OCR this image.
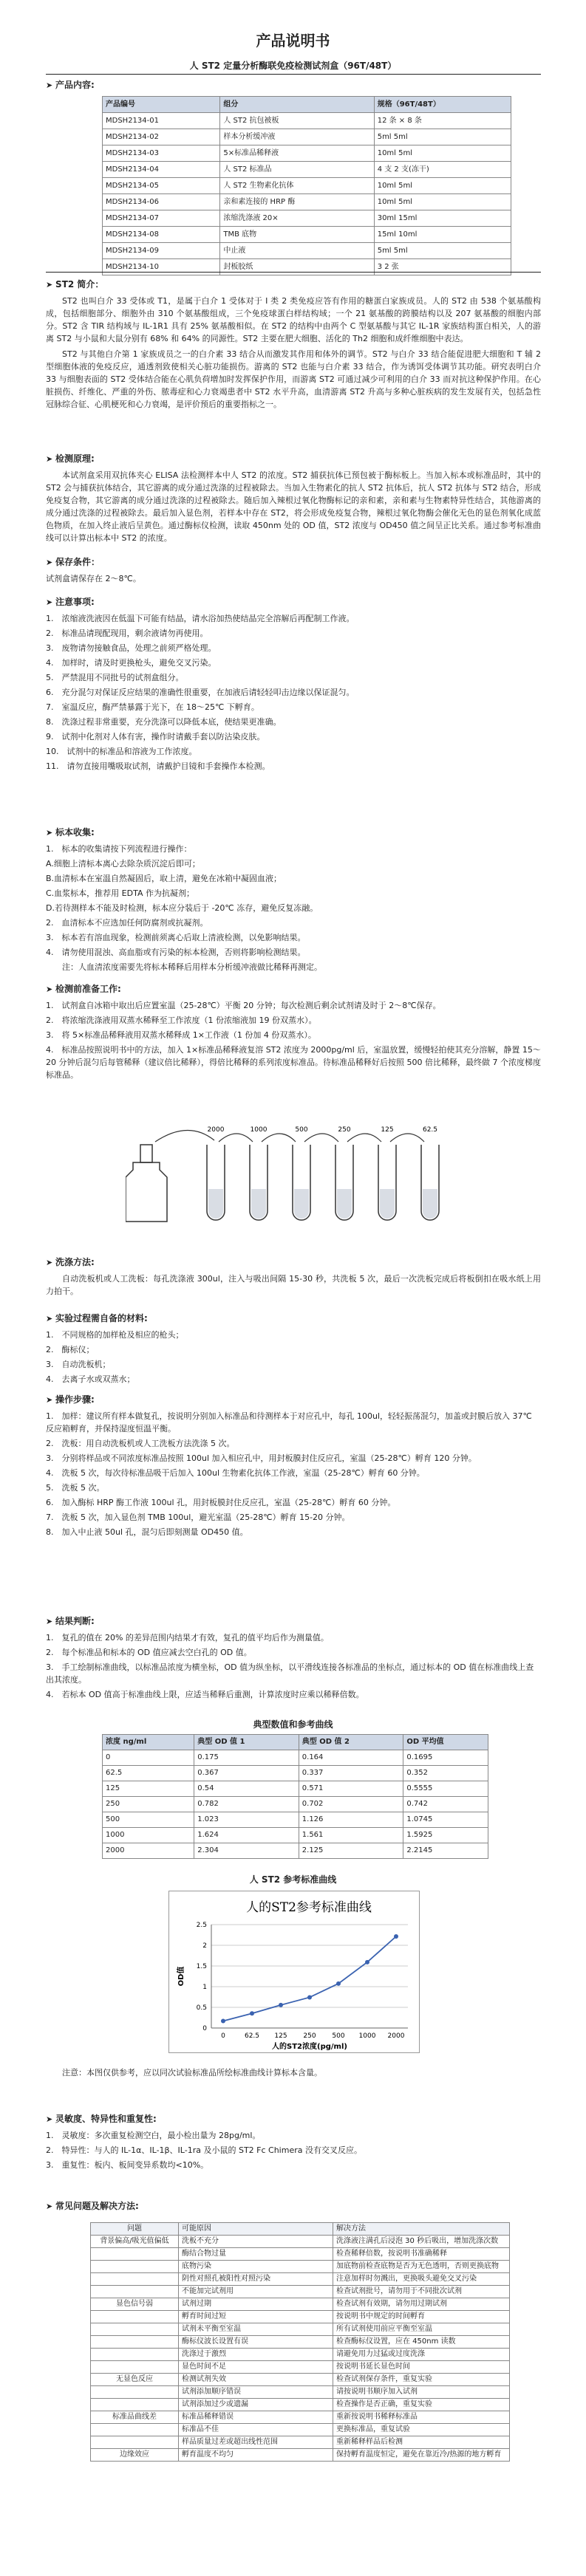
产品说明书
人 ST2 定量分析酶联免疫检测试剂盒（96T/48T）
➤ 产品内容:
产品编号	组分	规格（96T/48T）
MDSH2134-01	人 ST2 抗包被板	12 条 × 8 条
MDSH2134-02	样本分析缓冲液	5ml 5ml
MDSH2134-03	5×标准品稀释液	10ml 5ml
MDSH2134-04	人 ST2 标准品	4 支 2 支(冻干)
MDSH2134-05	人 ST2 生物素化抗体	10ml 5ml
MDSH2134-06	亲和素连接的 HRP 酶	10ml 5ml
MDSH2134-07	浓缩洗涤液 20×	30ml 15ml
MDSH2134-08	TMB 底物	15ml 10ml
MDSH2134-09	中止液	5ml 5ml
MDSH2134-10	封板胶纸	3 2 张
➤ ST2 简介：

ST2 也叫白介 33 受体或 T1，是属于白介 1 受体对于 I 类 2 类免疫应答有作用的糖蛋白家族成员。人的 ST2 由 538 个氨基酸构成，包括细胞部分、细胞外由 310 个氨基酸组成，三个免疫球蛋白样结构域；一个 21 氨基酸的跨膜结构以及 207 氨基酸的细胞内部分。ST2 含 TIR 结构域与 IL-1R1 具有 25% 氨基酸相似。在 ST2 的结构中由两个 C 型氨基酸与其它 IL-1R 家族结构蛋白相关，人的游离 ST2 与小鼠和大鼠分别有 68% 和 64% 的同源性。ST2 主要在肥大细胞、活化的 Th2 细胞和成纤维细胞中表达。

ST2 与其他白介第 1 家族成员之一的白介素 33 结合从而激发其作用和体外的调节。ST2 与白介 33 结合能促进肥大细胞和 T 辅 2 型细胞体液的免疫反应，通透剂致使相关心脏功能损伤。游离的 ST2 也能与白介素 33 结合，作为诱饵受体调节其功能。研究表明白介 33 与细胞表面的 ST2 受体结合能在心肌负荷增加时发挥保护作用，而游离 ST2 可通过减少可利用的白介 33 而对抗这种保护作用。在心脏损伤、纤维化、严重的外伤、脓毒症和心力衰竭患者中 ST2 水平升高，血清游离 ST2 升高与多种心脏疾病的发生发展有关，包括急性冠脉综合征、心肌梗死和心力衰竭，是评价预后的重要指标之一。

➤ 检测原理:

本试剂盒采用双抗体夹心 ELISA 法检测样本中人 ST2 的浓度。ST2 捕获抗体已预包被于酶标板上。当加入标本或标准品时，其中的 ST2 会与捕获抗体结合，其它游离的成分通过洗涤的过程被除去。当加入生物素化的抗人 ST2 抗体后，抗人 ST2 抗体与 ST2 结合，形成免疫复合物，其它游离的成分通过洗涤的过程被除去。随后加入辣根过氧化物酶标记的亲和素，亲和素与生物素特异性结合，其他游离的成分通过洗涤的过程被除去。最后加入显色剂，若样本中存在 ST2，将会形成免疫复合物，辣根过氧化物酶会催化无色的显色剂氧化成蓝色物质，在加入终止液后呈黄色。通过酶标仪检测，读取 450nm 处的 OD 值，ST2 浓度与 OD450 值之间呈正比关系。通过参考标准曲线可以计算出标本中 ST2 的浓度。

➤ 保存条件：

试剂盒请保存在 2～8℃。

➤ 注意事项:
1.　浓缩液洗液因在低温下可能有结晶，请水浴加热使结晶完全溶解后再配制工作液。
2.　标准品请现配现用，剩余液请勿再使用。
3.　废物请勿接触食品，处理之前须严格处理。
4.　加样时，请及时更换枪头，避免交叉污染。
5.　严禁混用不同批号的试剂盒组分。
6.　充分混匀对保证反应结果的准确性很重要，在加液后请轻轻叩击边缘以保证混匀。
7.　室温反应，酶严禁暴露于光下，在 18～25℃ 下孵育。
8.　洗涤过程非常重要，充分洗涤可以降低本底，使结果更准确。
9.　试剂中化剂对人体有害，操作时请戴手套以防沾染皮肤。
10.　试剂中的标准品和溶液为工作浓度。
11.　请勿直接用嘴吸取试剂，请戴护目镜和手套操作本检测。
➤ 标本收集:
1.　标本的收集请按下列流程进行操作：
A.细胞上清标本离心去除杂质沉淀后即可；
B.血清标本在室温自然凝固后，取上清，避免在冰箱中凝固血液；
C.血浆标本，推荐用 EDTA 作为抗凝剂；
D.若待测样本不能及时检测，标本应分装后于 -20℃ 冻存，避免反复冻融。
2.　血清标本不应选加任何防腐剂或抗凝剂。
3.　标本若有溶血现象，检测前须离心后取上清液检测，以免影响结果。
4.　请勿使用混浊、高血脂或有污染的标本检测，否则将影响检测结果。
　　注：人血清浓度需要先将标本稀释后用样本分析缓冲液做比稀释再测定。
➤ 检测前准备工作:
1.　试剂盒自冰箱中取出后应置室温（25-28℃）平衡 20 分钟；每次检测后剩余试剂请及时于 2～8℃保存。
2.　将浓缩洗涤液用双蒸水稀释至工作浓度（1 份浓缩液加 19 份双蒸水）。
3.　将 5×标准品稀释液用双蒸水稀释成 1×工作液（1 份加 4 份双蒸水）。
4.　标准品按照说明书中的方法，加入 1×标准品稀释液复溶 ST2 浓度为 2000pg/ml 后，室温放置，缓慢轻拍使其充分溶解，静置 15～20 分钟后混匀后每管稀释（建议倍比稀释），得倍比稀释的系列浓度标准品。待标准品稀释好后按照 500 倍比稀释，最终做 7 个浓度梯度标准品。
2000	1000	500	250	125	62.5
➤ 洗涤方法:

自动洗板机或人工洗板：每孔洗涤液 300ul，注入与吸出间隔 15-30 秒，共洗板 5 次，最后一次洗板完成后将板倒扣在吸水纸上用力拍干。

➤ 实验过程需自备的材料:
1.　不同规格的加样枪及相应的枪头；
2.　酶标仪；
3.　自动洗板机；
4.　去离子水或双蒸水；
➤ 操作步骤:
1.　加样：建议所有样本做复孔，按说明分别加入标准品和待测样本于对应孔中，每孔 100ul，轻轻振荡混匀，加盖或封膜后放入 37℃ 反应箱孵育，并保持湿度恒温平衡。
2.　洗板：用自动洗板机或人工洗板方法洗涤 5 次。
3.　分别将样品或不同浓度标准品按照 100ul 加入相应孔中，用封板膜封住反应孔，室温（25-28℃）孵育 120 分钟。
4.　洗板 5 次，每次待标准品吸干后加入 100ul 生物素化抗体工作液，室温（25-28℃）孵育 60 分钟。
5.　洗板 5 次。
6.　加入酶标 HRP 酶工作液 100ul 孔，用封板膜封住反应孔，室温（25-28℃）孵育 60 分钟。
7.　洗板 5 次，加入显色剂 TMB 100ul，避光室温（25-28℃）孵育 15-20 分钟。
8.　加入中止液 50ul 孔，混匀后即刻测量 OD450 值。
➤ 结果判断:
1.　复孔的值在 20% 的差异范围内结果才有效，复孔的值平均后作为测量值。
2.　每个标准品和标本的 OD 值应减去空白孔的 OD 值。
3.　手工绘制标准曲线，以标准品浓度为横坐标，OD 值为纵坐标，以平滑线连接各标准品的坐标点，通过标本的 OD 值在标准曲线上查出其浓度。
4.　若标本 OD 值高于标准曲线上限，应适当稀释后重测，计算浓度时应乘以稀释倍数。
典型数值和参考曲线
浓度 ng/ml	典型 OD 值 1	典型 OD 值 2	OD 平均值
0	0.175	0.164	0.1695
62.5	0.367	0.337	0.352
125	0.54	0.571	0.5555
250	0.782	0.702	0.742
500	1.023	1.126	1.0745
1000	1.624	1.561	1.5925
2000	2.304	2.125	2.2145
人 ST2 参考标准曲线
人的ST2参考标准曲线
0
0.5
1
1.5
2
2.5
0	62.5 125 250 500 1000 2000
人的ST2浓度(pg/ml)
OD值

注意：本图仅供参考，应以同次试验标准品所绘标准曲线计算标本含量。

➤ 灵敏度、特异性和重复性:
1.　灵敏度：多次重复检测空白，最小检出量为 28pg/ml。
2.　特异性：与人的 IL-1α、IL-1β、IL-1ra 及小鼠的 ST2 Fc Chimera 没有交叉反应。
3.　重复性：板内、板间变异系数均<10%。
➤ 常见问题及解决方法:
问题	可能原因	解决方法
背景偏高/吸光值偏低	洗板不充分	洗涤液注满孔后浸泡 30 秒后吸出，增加洗涤次数
	酶结合物过量	检查稀释倍数，按说明书准确稀释
	底物污染	加底物前检查底物是否为无色透明，否则更换底物
	阴性对照孔被阳性对照污染	注意加样时勿溅出，更换吸头避免交叉污染
	不能加完试剂用	检查试剂批号，请勿用于不同批次试剂
显色信号弱	试剂过期	检查试剂有效期，请勿用过期试剂
	孵育时间过短	按说明书中规定的时间孵育
	试剂未平衡至室温	所有试剂使用前应平衡至室温
	酶标仪波长设置有误	检查酶标仪设置，应在 450nm 读数
	洗涤过于激烈	请避免用力过猛或过度洗涤
	显色时间不足	按说明书延长显色时间
无显色反应	检测试剂失效	检查试剂保存条件，重复实验
	试剂添加顺序错误	请按说明书顺序加入试剂
	试剂添加过少或遗漏	检查操作是否正确，重复实验
标准品曲线差	标准品稀释错误	重新按说明书稀释标准品
	标准品不佳	更换标准品，重复试验
	样品质量过差或超出线性范围	重新稀释样品后检测
边缘效应	孵育温度不均匀	保持孵育温度恒定，避免在靠近冷/热源的地方孵育
